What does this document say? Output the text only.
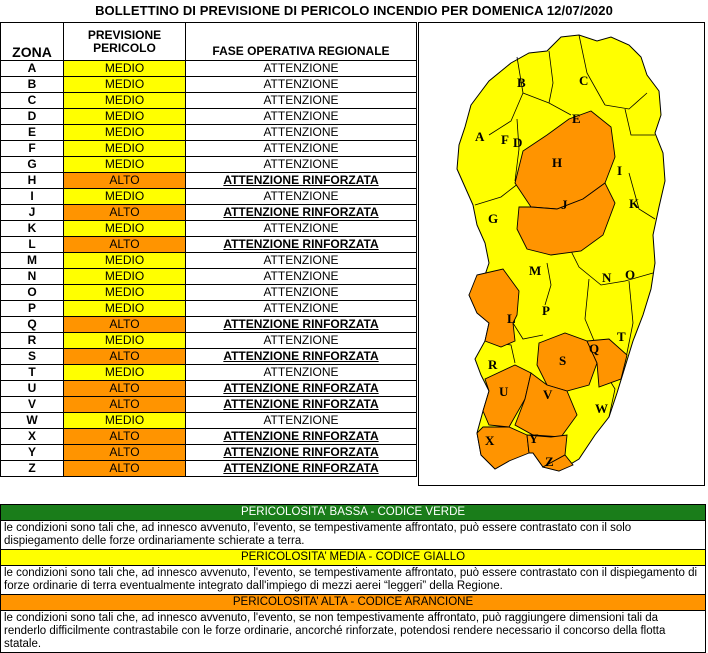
BOLLETTINO DI PREVISIONE DI PERICOLO INCENDIO PER DOMENICA 12/07/2020
ZONA	PREVISIONE PERICOLO	FASE OPERATIVA REGIONALE
A	MEDIO	ATTENZIONE
B	MEDIO	ATTENZIONE
C	MEDIO	ATTENZIONE
D	MEDIO	ATTENZIONE
E	MEDIO	ATTENZIONE
F	MEDIO	ATTENZIONE
G	MEDIO	ATTENZIONE
H	ALTO	ATTENZIONE RINFORZATA
I	MEDIO	ATTENZIONE
J	ALTO	ATTENZIONE RINFORZATA
K	MEDIO	ATTENZIONE
L	ALTO	ATTENZIONE RINFORZATA
M	MEDIO	ATTENZIONE
N	MEDIO	ATTENZIONE
O	MEDIO	ATTENZIONE
P	MEDIO	ATTENZIONE
Q	ALTO	ATTENZIONE RINFORZATA
R	MEDIO	ATTENZIONE
S	ALTO	ATTENZIONE RINFORZATA
T	MEDIO	ATTENZIONE
U	ALTO	ATTENZIONE RINFORZATA
V	ALTO	ATTENZIONE RINFORZATA
W	MEDIO	ATTENZIONE
X	ALTO	ATTENZIONE RINFORZATA
Y	ALTO	ATTENZIONE RINFORZATA
Z	ALTO	ATTENZIONE RINFORZATA
B	C
A
E
D
F
H
I
G
J	K
M	N O
L
P
Q
R	S
T
U	V
W
X	Y
Z
PERICOLOSITA’ BASSA - CODICE VERDE
le condizioni sono tali che, ad innesco avvenuto, l'evento, se tempestivamente affrontato, può essere contrastato con il solo dispiegamento delle forze ordinariamente schierate a terra.
PERICOLOSITA’ MEDIA - CODICE GIALLO
le condizioni sono tali che, ad innesco avvenuto, l'evento, se tempestivamente affrontato, può essere contrastato con il dispiegamento di forze ordinarie di terra eventualmente integrato dall'impiego di mezzi aerei “leggeri” della Regione.
PERICOLOSITA’ ALTA - CODICE ARANCIONE
le condizioni sono tali che, ad innesco avvenuto, l'evento, se non tempestivamente affrontato, può raggiungere dimensioni tali da renderlo difficilmente contrastabile con le forze ordinarie, ancorché rinforzate, potendosi rendere necessario il concorso della flotta statale.
